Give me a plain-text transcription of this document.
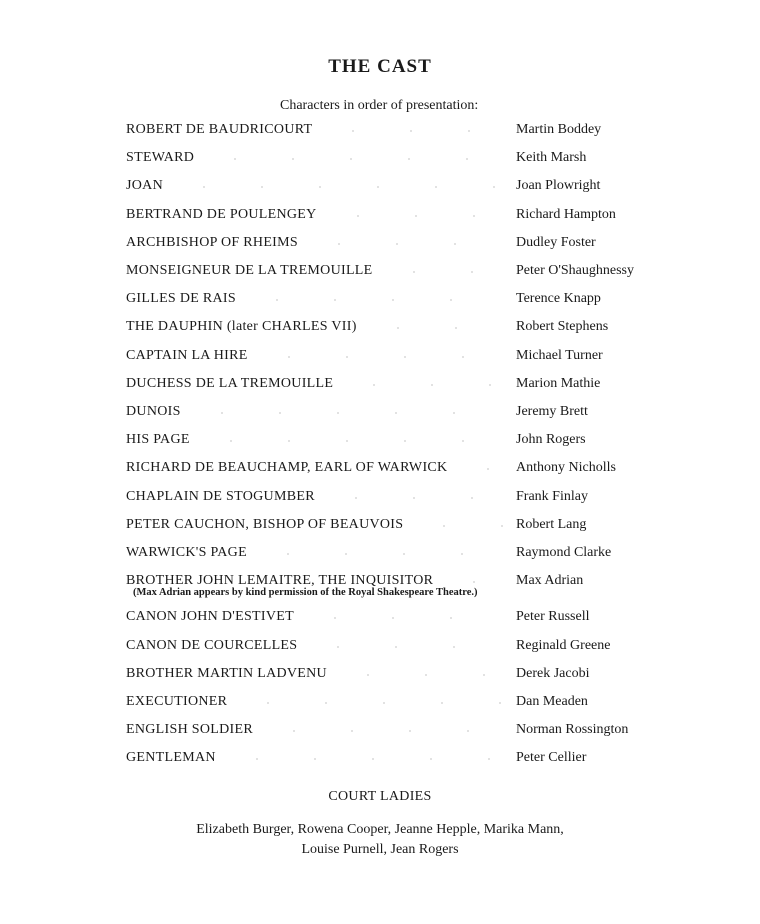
THE CAST
Characters in order of presentation:
ROBERT DE BAUDRICOURT	Martin Boddey
STEWARD	Keith Marsh
JOAN	Joan Plowright
BERTRAND DE POULENGEY	Richard Hampton
ARCHBISHOP OF RHEIMS	Dudley Foster
MONSEIGNEUR DE LA TREMOUILLE	Peter O'Shaughnessy
GILLES DE RAIS	Terence Knapp
THE DAUPHIN (later CHARLES VII)	Robert Stephens
CAPTAIN LA HIRE	Michael Turner
DUCHESS DE LA TREMOUILLE	Marion Mathie
DUNOIS	Jeremy Brett
HIS PAGE	John Rogers
RICHARD DE BEAUCHAMP, EARL OF WARWICK	Anthony Nicholls
CHAPLAIN DE STOGUMBER	Frank Finlay
PETER CAUCHON, BISHOP OF BEAUVOIS	Robert Lang
WARWICK'S PAGE	Raymond Clarke
BROTHER JOHN LEMAITRE, THE INQUISITOR	Max Adrian
(Max Adrian appears by kind permission of the Royal Shakespeare Theatre.)
CANON JOHN D'ESTIVET	Peter Russell
CANON DE COURCELLES	Reginald Greene
BROTHER MARTIN LADVENU	Derek Jacobi
EXECUTIONER	Dan Meaden
ENGLISH SOLDIER	Norman Rossington
GENTLEMAN	Peter Cellier
COURT LADIES
Elizabeth Burger, Rowena Cooper, Jeanne Hepple, Marika Mann,
Louise Purnell, Jean Rogers
